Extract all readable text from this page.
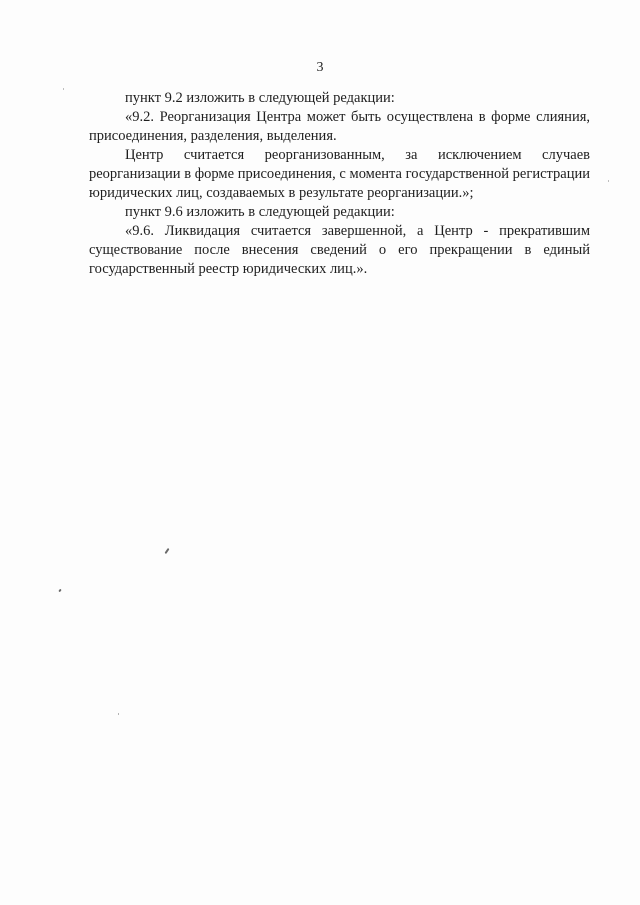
3

пункт 9.2 изложить в следующей редакции:

«9.2. Реорганизация Центра может быть осуществлена в форме слияния, присоединения, разделения, выделения.

Центр считается реорганизованным, за исключением случаев реорганизации в форме присоединения, с момента государственной регистрации юридических лиц, создаваемых в результате реорганизации.»;

пункт 9.6 изложить в следующей редакции:

«9.6. Ликвидация считается завершенной, а Центр - прекратившим существование после внесения сведений о его прекращении в единый государственный реестр юридических лиц.».
